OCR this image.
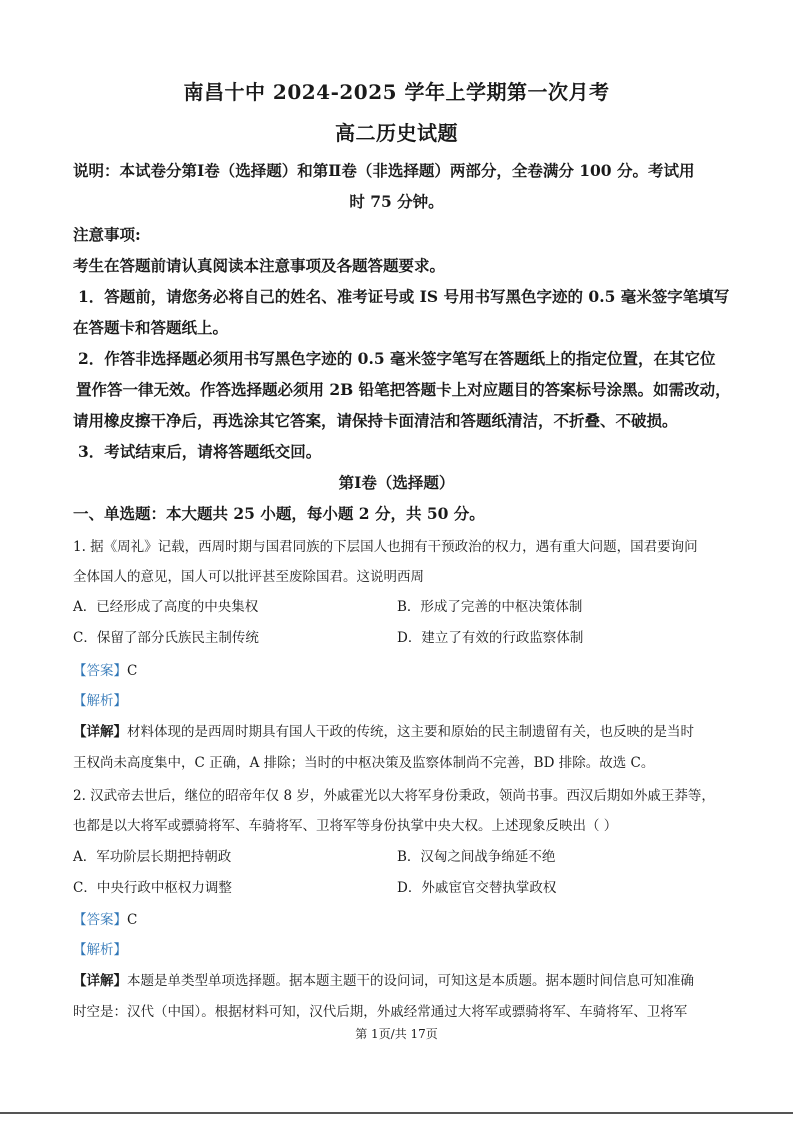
南昌十中 2024-2025 学年上学期第一次月考
高二历史试题
说明：本试卷分第Ⅰ卷（选择题）和第Ⅱ卷（非选择题）两部分，全卷满分 100 分。考试用
时 75 分钟。
注意事项:
考生在答题前请认真阅读本注意事项及各题答题要求。
1．答题前，请您务必将自己的姓名、准考证号或 IS 号用书写黑色字迹的 0.5 毫米签字笔填写
在答题卡和答题纸上。
2．作答非选择题必须用书写黑色字迹的 0.5 毫米签字笔写在答题纸上的指定位置，在其它位
置作答一律无效。作答选择题必须用 2B 铅笔把答题卡上对应题目的答案标号涂黑。如需改动，
请用橡皮擦干净后，再选涂其它答案，请保持卡面清洁和答题纸清洁，不折叠、不破损。
3．考试结束后，请将答题纸交回。
第Ⅰ卷（选择题）
一、单选题：本大题共 25 小题，每小题 2 分，共 50 分。
1. 据《周礼》记载，西周时期与国君同族的下层国人也拥有干预政治的权力，遇有重大问题，国君要询问
全体国人的意见，国人可以批评甚至废除国君。这说明西周
A．已经形成了高度的中央集权	B．形成了完善的中枢决策体制
C．保留了部分氏族民主制传统	D．建立了有效的行政监察体制
【答案】C
【解析】
【详解】材料体现的是西周时期具有国人干政的传统，这主要和原始的民主制遗留有关，也反映的是当时
王权尚未高度集中，C 正确，A 排除；当时的中枢决策及监察体制尚不完善，BD 排除。故选 C。
2. 汉武帝去世后，继位的昭帝年仅 8 岁，外戚霍光以大将军身份秉政，领尚书事。西汉后期如外戚王莽等，
也都是以大将军或骠骑将军、车骑将军、卫将军等身份执掌中央大权。上述现象反映出（ ）
A．军功阶层长期把持朝政	B．汉匈之间战争绵延不绝
C．中央行政中枢权力调整	D．外戚宦官交替执掌政权
【答案】C
【解析】
【详解】本题是单类型单项选择题。据本题主题干的设问词，可知这是本质题。据本题时间信息可知准确
时空是：汉代（中国）。根据材料可知，汉代后期，外戚经常通过大将军或骠骑将军、车骑将军、卫将军
第 1页/共 17页
